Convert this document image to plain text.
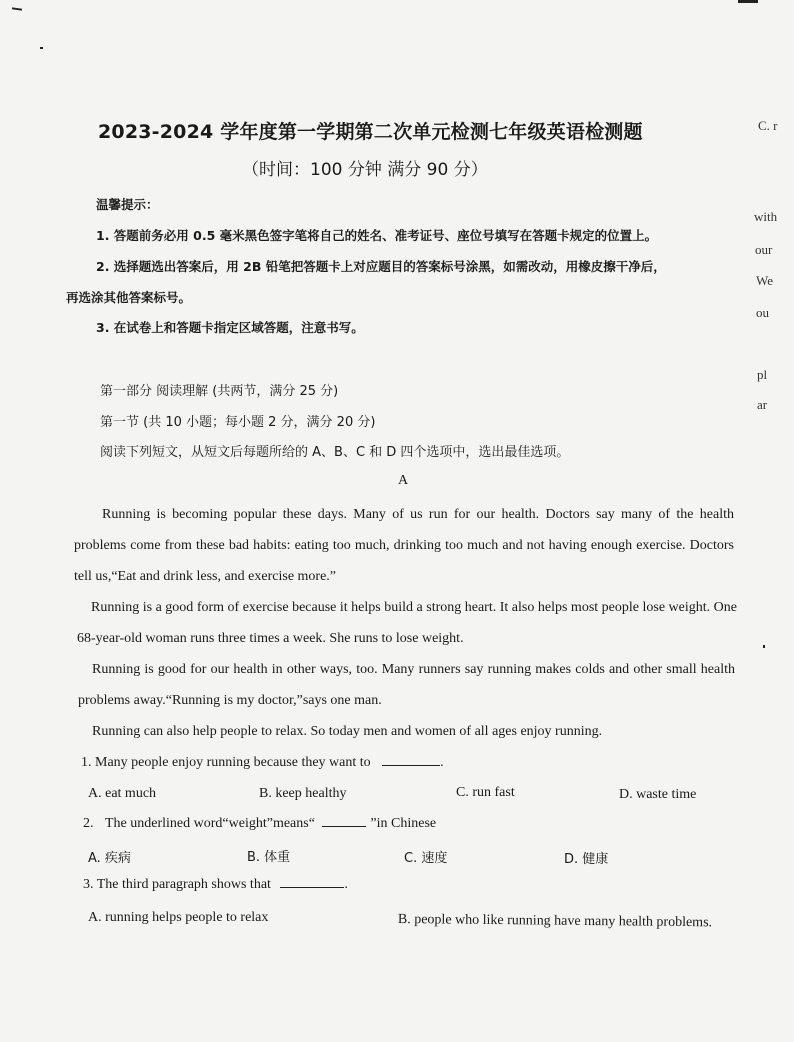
2023-2024 学年度第一学期第二次单元检测七年级英语检测题
（时间：100 分钟 满分 90 分）
温馨提示：
1. 答题前务必用 0.5 毫米黑色签字笔将自己的姓名、准考证号、座位号填写在答题卡规定的位置上。
2. 选择题选出答案后，用 2B 铅笔把答题卡上对应题目的答案标号涂黑，如需改动，用橡皮擦干净后，
再选涂其他答案标号。
3. 在试卷上和答题卡指定区域答题，注意书写。
第一部分 阅读理解 (共两节，满分 25 分)
第一节 (共 10 小题；每小题 2 分，满分 20 分)
阅读下列短文，从短文后每题所给的 A、B、C 和 D 四个选项中，选出最佳选项。
A
Running is becoming popular these days. Many of us run for our health. Doctors say many of the health problems come from these bad habits: eating too much, drinking too much and not having enough exercise. Doctors tell us,“Eat and drink less, and exercise more.”
Running is a good form of exercise because it helps build a strong heart. It also helps most people lose weight. One 68-year-old woman runs three times a week. She runs to lose weight.
Running is good for our health in other ways, too. Many runners say running makes colds and other small health problems away.“Running is my doctor,”says one man.
Running can also help people to relax. So today men and women of all ages enjoy running.
1. Many people enjoy running because they want to	.
A. eat much	B. keep healthy	C. run fast	D. waste time
2. The underlined word“weight”means“	”in Chinese
A. 疾病	B. 体重	C. 速度	D. 健康
3. The third paragraph shows that	.
A. running helps people to relax	B. people who like running have many health problems.
C. r
with
our
We
ou
pl
ar
